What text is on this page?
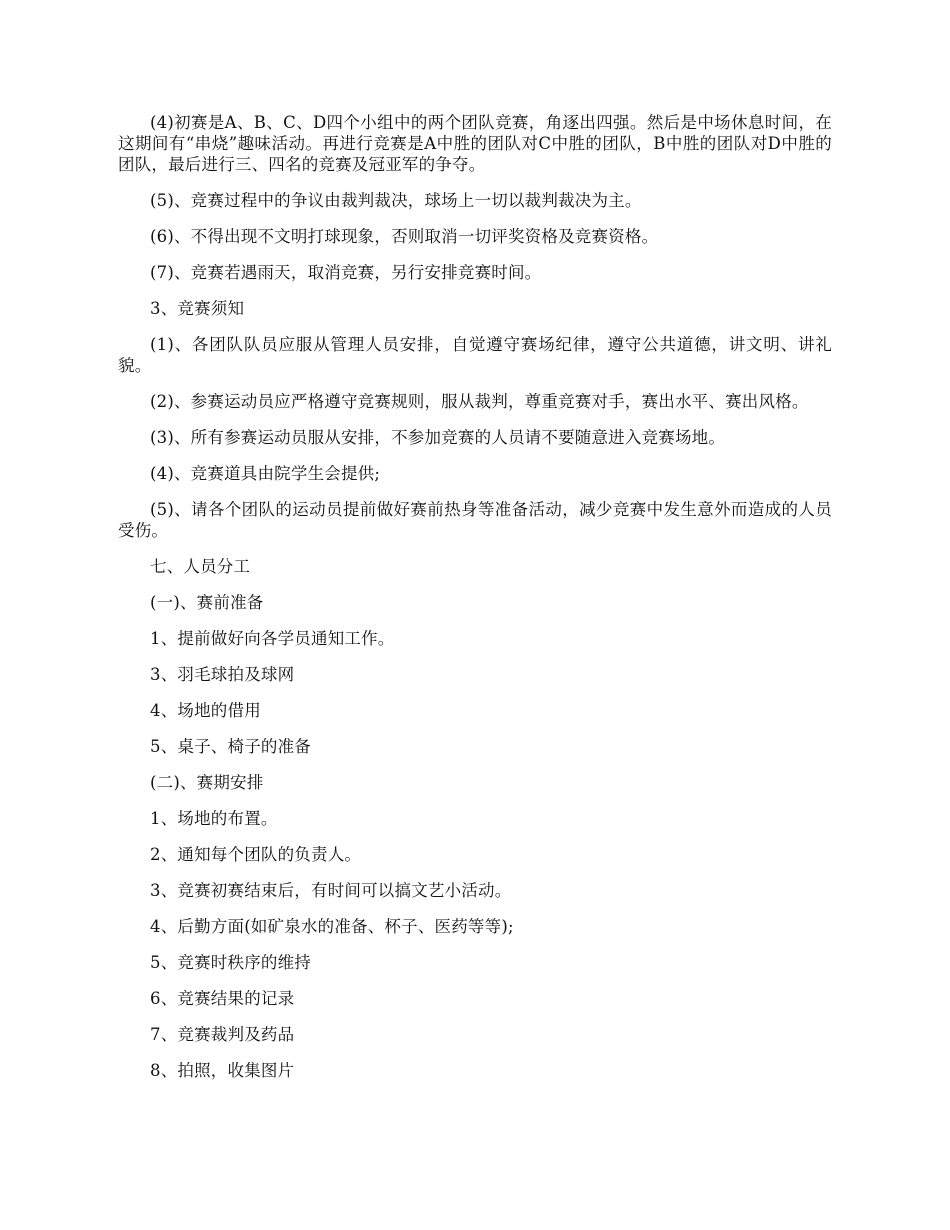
(4)初赛是A、B、C、D四个小组中的两个团队竞赛，角逐出四强。然后是中场休息时间，在这期间有“串烧”趣味活动。再进行竞赛是A中胜的团队对C中胜的团队，B中胜的团队对D中胜的团队，最后进行三、四名的竞赛及冠亚军的争夺。

(5)、竞赛过程中的争议由裁判裁决，球场上一切以裁判裁决为主。

(6)、不得出现不文明打球现象，否则取消一切评奖资格及竞赛资格。

(7)、竞赛若遇雨天，取消竞赛，另行安排竞赛时间。

3、竞赛须知

(1)、各团队队员应服从管理人员安排，自觉遵守赛场纪律，遵守公共道德，讲文明、讲礼貌。

(2)、参赛运动员应严格遵守竞赛规则，服从裁判，尊重竞赛对手，赛出水平、赛出风格。

(3)、所有参赛运动员服从安排，不参加竞赛的人员请不要随意进入竞赛场地。

(4)、竞赛道具由院学生会提供;

(5)、请各个团队的运动员提前做好赛前热身等准备活动，减少竞赛中发生意外而造成的人员受伤。

七、人员分工

(一)、赛前准备

1、提前做好向各学员通知工作。

3、羽毛球拍及球网

4、场地的借用

5、桌子、椅子的准备

(二)、赛期安排

1、场地的布置。

2、通知每个团队的负责人。

3、竞赛初赛结束后，有时间可以搞文艺小活动。

4、后勤方面(如矿泉水的准备、杯子、医药等等);

5、竞赛时秩序的维持

6、竞赛结果的记录

7、竞赛裁判及药品

8、拍照，收集图片
